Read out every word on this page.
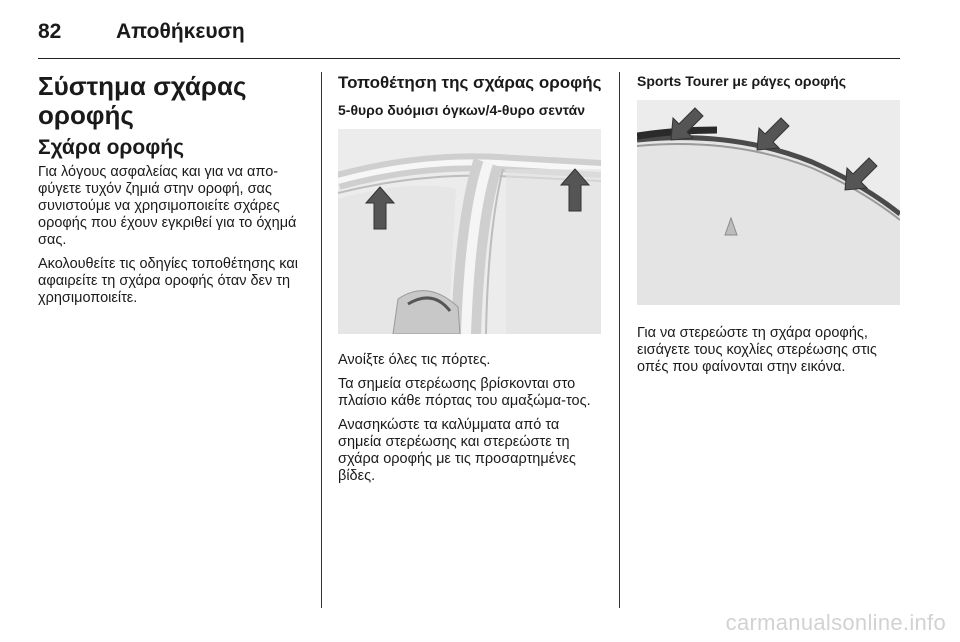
82	Αποθήκευση
Σύστημα σχάρας οροφής
Σχάρα οροφής

Για λόγους ασφαλείας και για να απο-φύγετε τυχόν ζημιά στην οροφή, σας συνιστούμε να χρησιμοποιείτε σχάρες οροφής που έχουν εγκριθεί για το όχημά σας.

Ακολουθείτε τις οδηγίες τοποθέτησης και αφαιρείτε τη σχάρα οροφής όταν δεν τη χρησιμοποιείτε.

Τοποθέτηση της σχάρας οροφής
5-θυρο δυόμισι όγκων/4-θυρο σεντάν

Ανοίξτε όλες τις πόρτες.

Τα σημεία στερέωσης βρίσκονται στο πλαίσιο κάθε πόρτας του αμαξώμα-τος.

Ανασηκώστε τα καλύμματα από τα σημεία στερέωσης και στερεώστε τη σχάρα οροφής με τις προσαρτημένες βίδες.

Sports Tourer με ράγες οροφής

Για να στερεώστε τη σχάρα οροφής, εισάγετε τους κοχλίες στερέωσης στις οπές που φαίνονται στην εικόνα.

carmanualsonline.info
